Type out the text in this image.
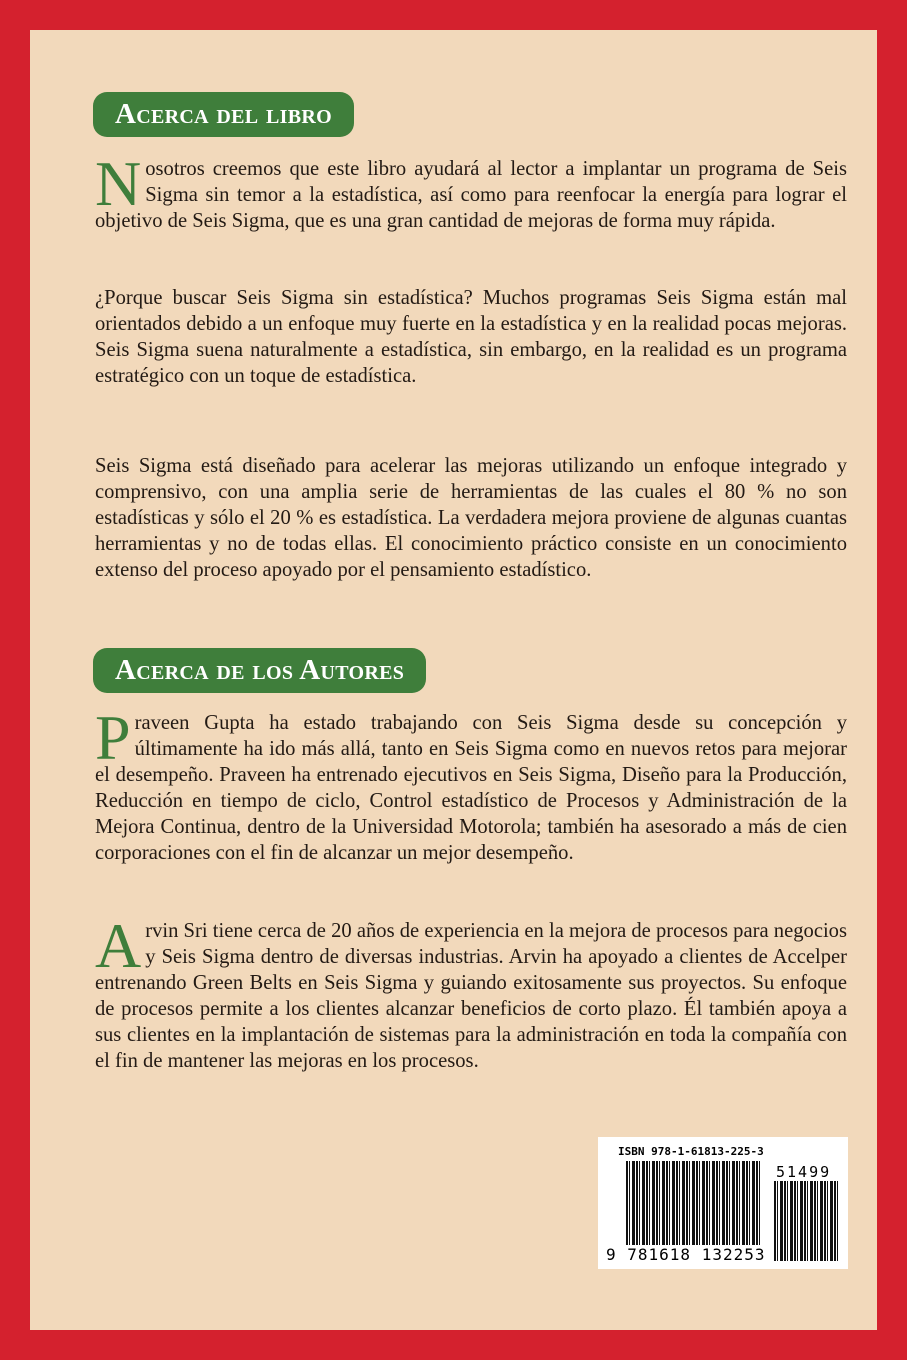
Acerca del libro

Nosotros creemos que este libro ayudará al lector a implantar un programa de Seis Sigma sin temor a la estadística, así como para reenfocar la energía para lograr el objetivo de Seis Sigma, que es una gran cantidad de mejoras de forma muy rápida.

¿Porque buscar Seis Sigma sin estadística? Muchos programas Seis Sigma están mal orientados debido a un enfoque muy fuerte en la estadística y en la realidad pocas mejoras. Seis Sigma suena naturalmente a estadística, sin embargo, en la realidad es un programa estratégico con un toque de estadística.

Seis Sigma está diseñado para acelerar las mejoras utilizando un enfoque integrado y comprensivo, con una amplia serie de herramientas de las cuales el 80 % no son estadísticas y sólo el 20 % es estadística. La verdadera mejora proviene de algunas cuantas herramientas y no de todas ellas. El conocimiento práctico consiste en un conocimiento extenso del proceso apoyado por el pensamiento estadístico.

Acerca de los Autores

Praveen Gupta ha estado trabajando con Seis Sigma desde su concepción y últimamente ha ido más allá, tanto en Seis Sigma como en nuevos retos para mejorar el desempeño. Praveen ha entrenado ejecutivos en Seis Sigma, Diseño para la Producción, Reducción en tiempo de ciclo, Control estadístico de Procesos y Administración de la Mejora Continua, dentro de la Universidad Motorola; también ha asesorado a más de cien corporaciones con el fin de alcanzar un mejor desempeño.

Arvin Sri tiene cerca de 20 años de experiencia en la mejora de procesos para negocios y Seis Sigma dentro de diversas industrias. Arvin ha apoyado a clientes de Accelper entrenando Green Belts en Seis Sigma y guiando exitosamente sus proyectos. Su enfoque de procesos permite a los clientes alcanzar beneficios de corto plazo. Él también apoya a sus clientes en la implantación de sistemas para la administración en toda la compañía con el fin de mantener las mejoras en los procesos.

ISBN 978-1-61813-225-3
51499
9 781618 132253
